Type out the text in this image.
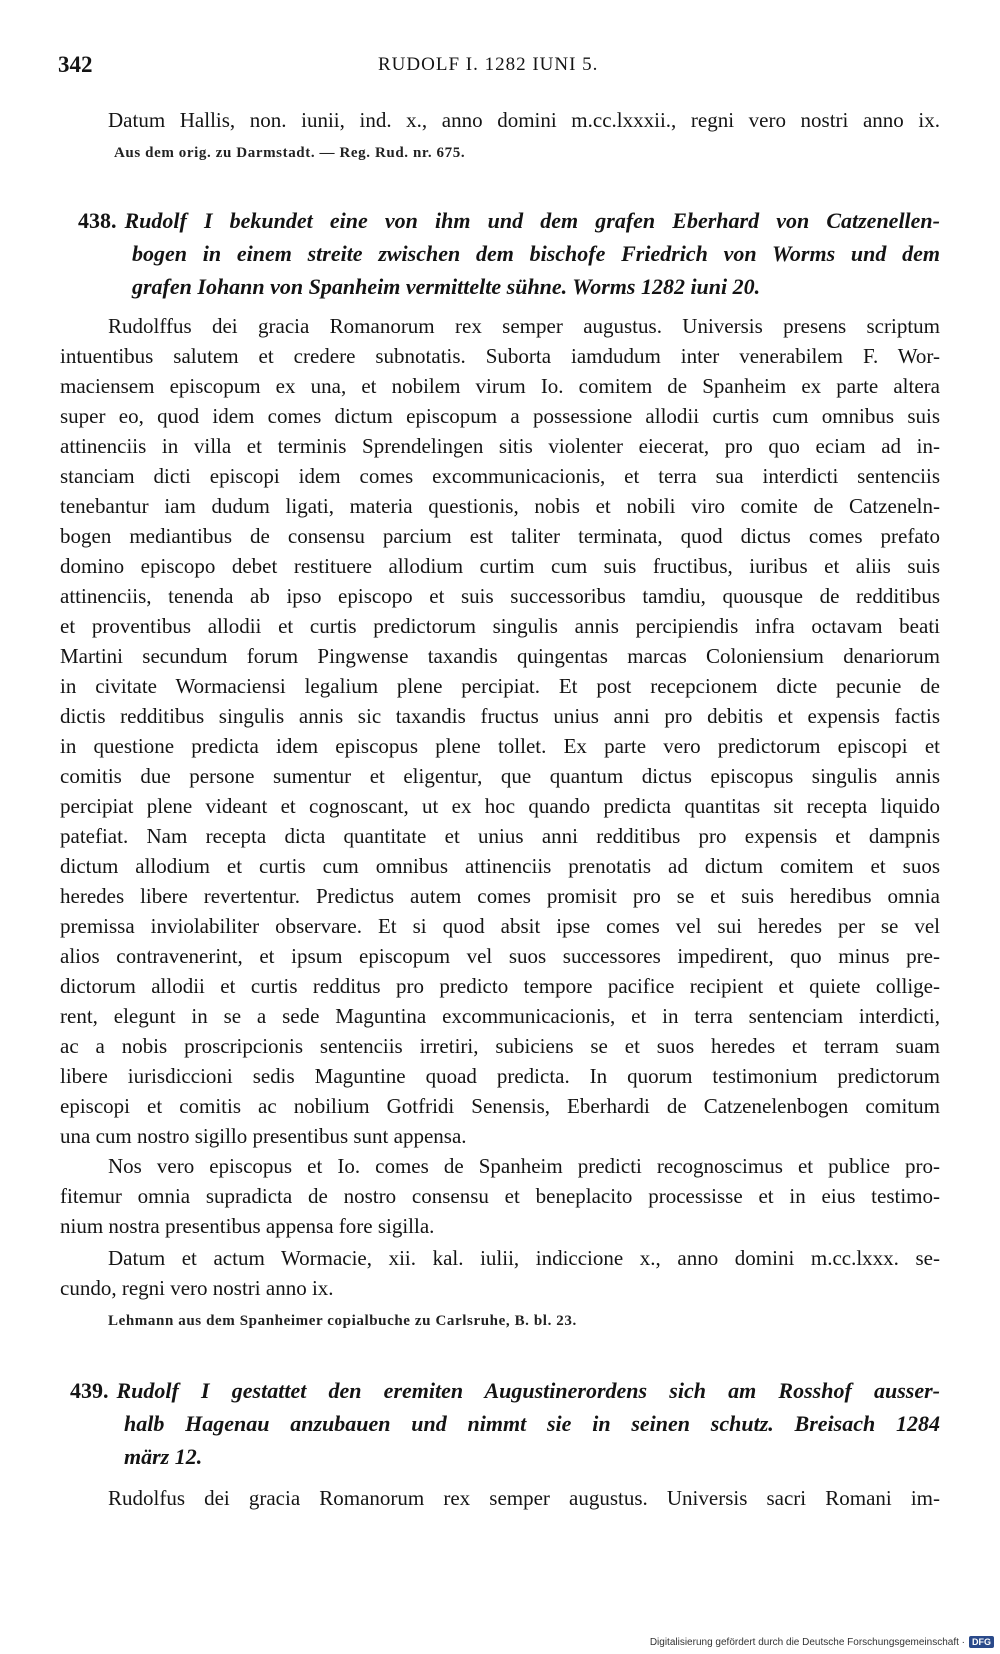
342	RUDOLF I. 1282 IUNI 5.
Datum Hallis, non. iunii, ind. x., anno domini m.cc.lxxxii., regni vero nostri anno ix.
Aus dem orig. zu Darmstadt. — Reg. Rud. nr. 675.
438. Rudolf I bekundet eine von ihm und dem grafen Eberhard von Catzenellen-
bogen in einem streite zwischen dem bischofe Friedrich von Worms und dem
grafen Iohann von Spanheim vermittelte sühne. Worms 1282 iuni 20.
Rudolffus dei gracia Romanorum rex semper augustus. Universis presens scriptum
intuentibus salutem et credere subnotatis. Suborta iamdudum inter venerabilem F. Wor-
maciensem episcopum ex una, et nobilem virum Io. comitem de Spanheim ex parte altera
super eo, quod idem comes dictum episcopum a possessione allodii curtis cum omnibus suis
attinenciis in villa et terminis Sprendelingen sitis violenter eiecerat, pro quo eciam ad in-
stanciam dicti episcopi idem comes excommunicacionis, et terra sua interdicti sentenciis
tenebantur iam dudum ligati, materia questionis, nobis et nobili viro comite de Catzeneln-
bogen mediantibus de consensu parcium est taliter terminata, quod dictus comes prefato
domino episcopo debet restituere allodium curtim cum suis fructibus, iuribus et aliis suis
attinenciis, tenenda ab ipso episcopo et suis successoribus tamdiu, quousque de redditibus
et proventibus allodii et curtis predictorum singulis annis percipiendis infra octavam beati
Martini secundum forum Pingwense taxandis quingentas marcas Coloniensium denariorum
in civitate Wormaciensi legalium plene percipiat. Et post recepcionem dicte pecunie de
dictis redditibus singulis annis sic taxandis fructus unius anni pro debitis et expensis factis
in questione predicta idem episcopus plene tollet. Ex parte vero predictorum episcopi et
comitis due persone sumentur et eligentur, que quantum dictus episcopus singulis annis
percipiat plene videant et cognoscant, ut ex hoc quando predicta quantitas sit recepta liquido
patefiat. Nam recepta dicta quantitate et unius anni redditibus pro expensis et dampnis
dictum allodium et curtis cum omnibus attinenciis prenotatis ad dictum comitem et suos
heredes libere revertentur. Predictus autem comes promisit pro se et suis heredibus omnia
premissa inviolabiliter observare. Et si quod absit ipse comes vel sui heredes per se vel
alios contravenerint, et ipsum episcopum vel suos successores impedirent, quo minus pre-
dictorum allodii et curtis redditus pro predicto tempore pacifice recipient et quiete collige-
rent, elegunt in se a sede Maguntina excommunicacionis, et in terra sentenciam interdicti,
ac a nobis proscripcionis sentenciis irretiri, subiciens se et suos heredes et terram suam
libere iurisdiccioni sedis Maguntine quoad predicta. In quorum testimonium predictorum
episcopi et comitis ac nobilium Gotfridi Senensis, Eberhardi de Catzenelenbogen comitum
una cum nostro sigillo presentibus sunt appensa.
Nos vero episcopus et Io. comes de Spanheim predicti recognoscimus et publice pro-
fitemur omnia supradicta de nostro consensu et beneplacito processisse et in eius testimo-
nium nostra presentibus appensa fore sigilla.
Datum et actum Wormacie, xii. kal. iulii, indiccione x., anno domini m.cc.lxxx. se-
cundo, regni vero nostri anno ix.
Lehmann aus dem Spanheimer copialbuche zu Carlsruhe, B. bl. 23.
439. Rudolf I gestattet den eremiten Augustinerordens sich am Rosshof ausser-
halb Hagenau anzubauen und nimmt sie in seinen schutz. Breisach 1284
märz 12.
Rudolfus dei gracia Romanorum rex semper augustus. Universis sacri Romani im-
Digitalisierung gefördert durch die Deutsche Forschungsgemeinschaft · DFG
